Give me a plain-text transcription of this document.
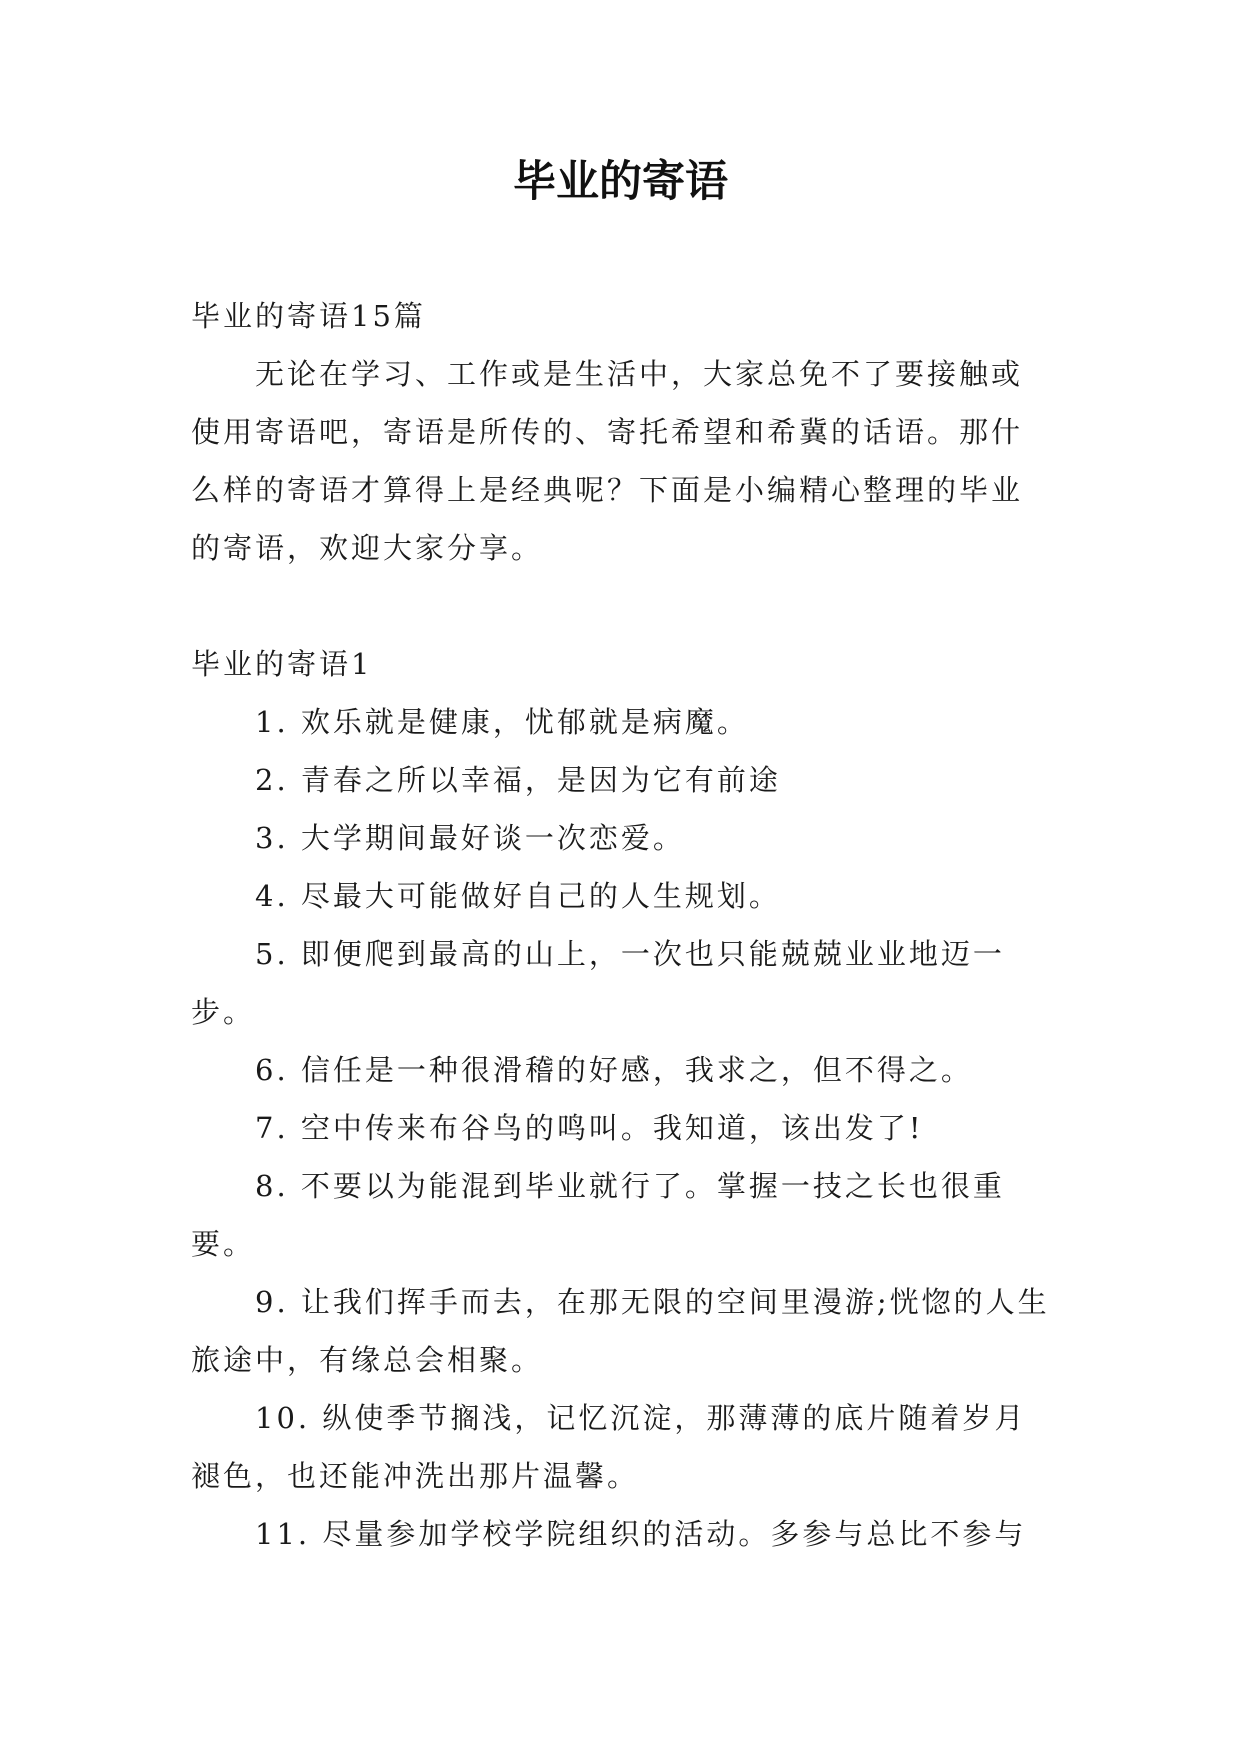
毕业的寄语

毕业的寄语15篇

无论在学习、工作或是生活中，大家总免不了要接触或使用寄语吧，寄语是所传的、寄托希望和希冀的话语。那什么样的寄语才算得上是经典呢？下面是小编精心整理的毕业的寄语，欢迎大家分享。

毕业的寄语1

1. 欢乐就是健康，忧郁就是病魔。

2. 青春之所以幸福，是因为它有前途

3. 大学期间最好谈一次恋爱。

4. 尽最大可能做好自己的人生规划。

5. 即便爬到最高的山上，一次也只能兢兢业业地迈一步。

6. 信任是一种很滑稽的好感，我求之，但不得之。

7. 空中传来布谷鸟的鸣叫。我知道，该出发了!

8. 不要以为能混到毕业就行了。掌握一技之长也很重要。

9. 让我们挥手而去，在那无限的空间里漫游;恍惚的人生旅途中，有缘总会相聚。

10. 纵使季节搁浅，记忆沉淀，那薄薄的底片随着岁月褪色，也还能冲洗出那片温馨。

11. 尽量参加学校学院组织的活动。多参与总比不参与
